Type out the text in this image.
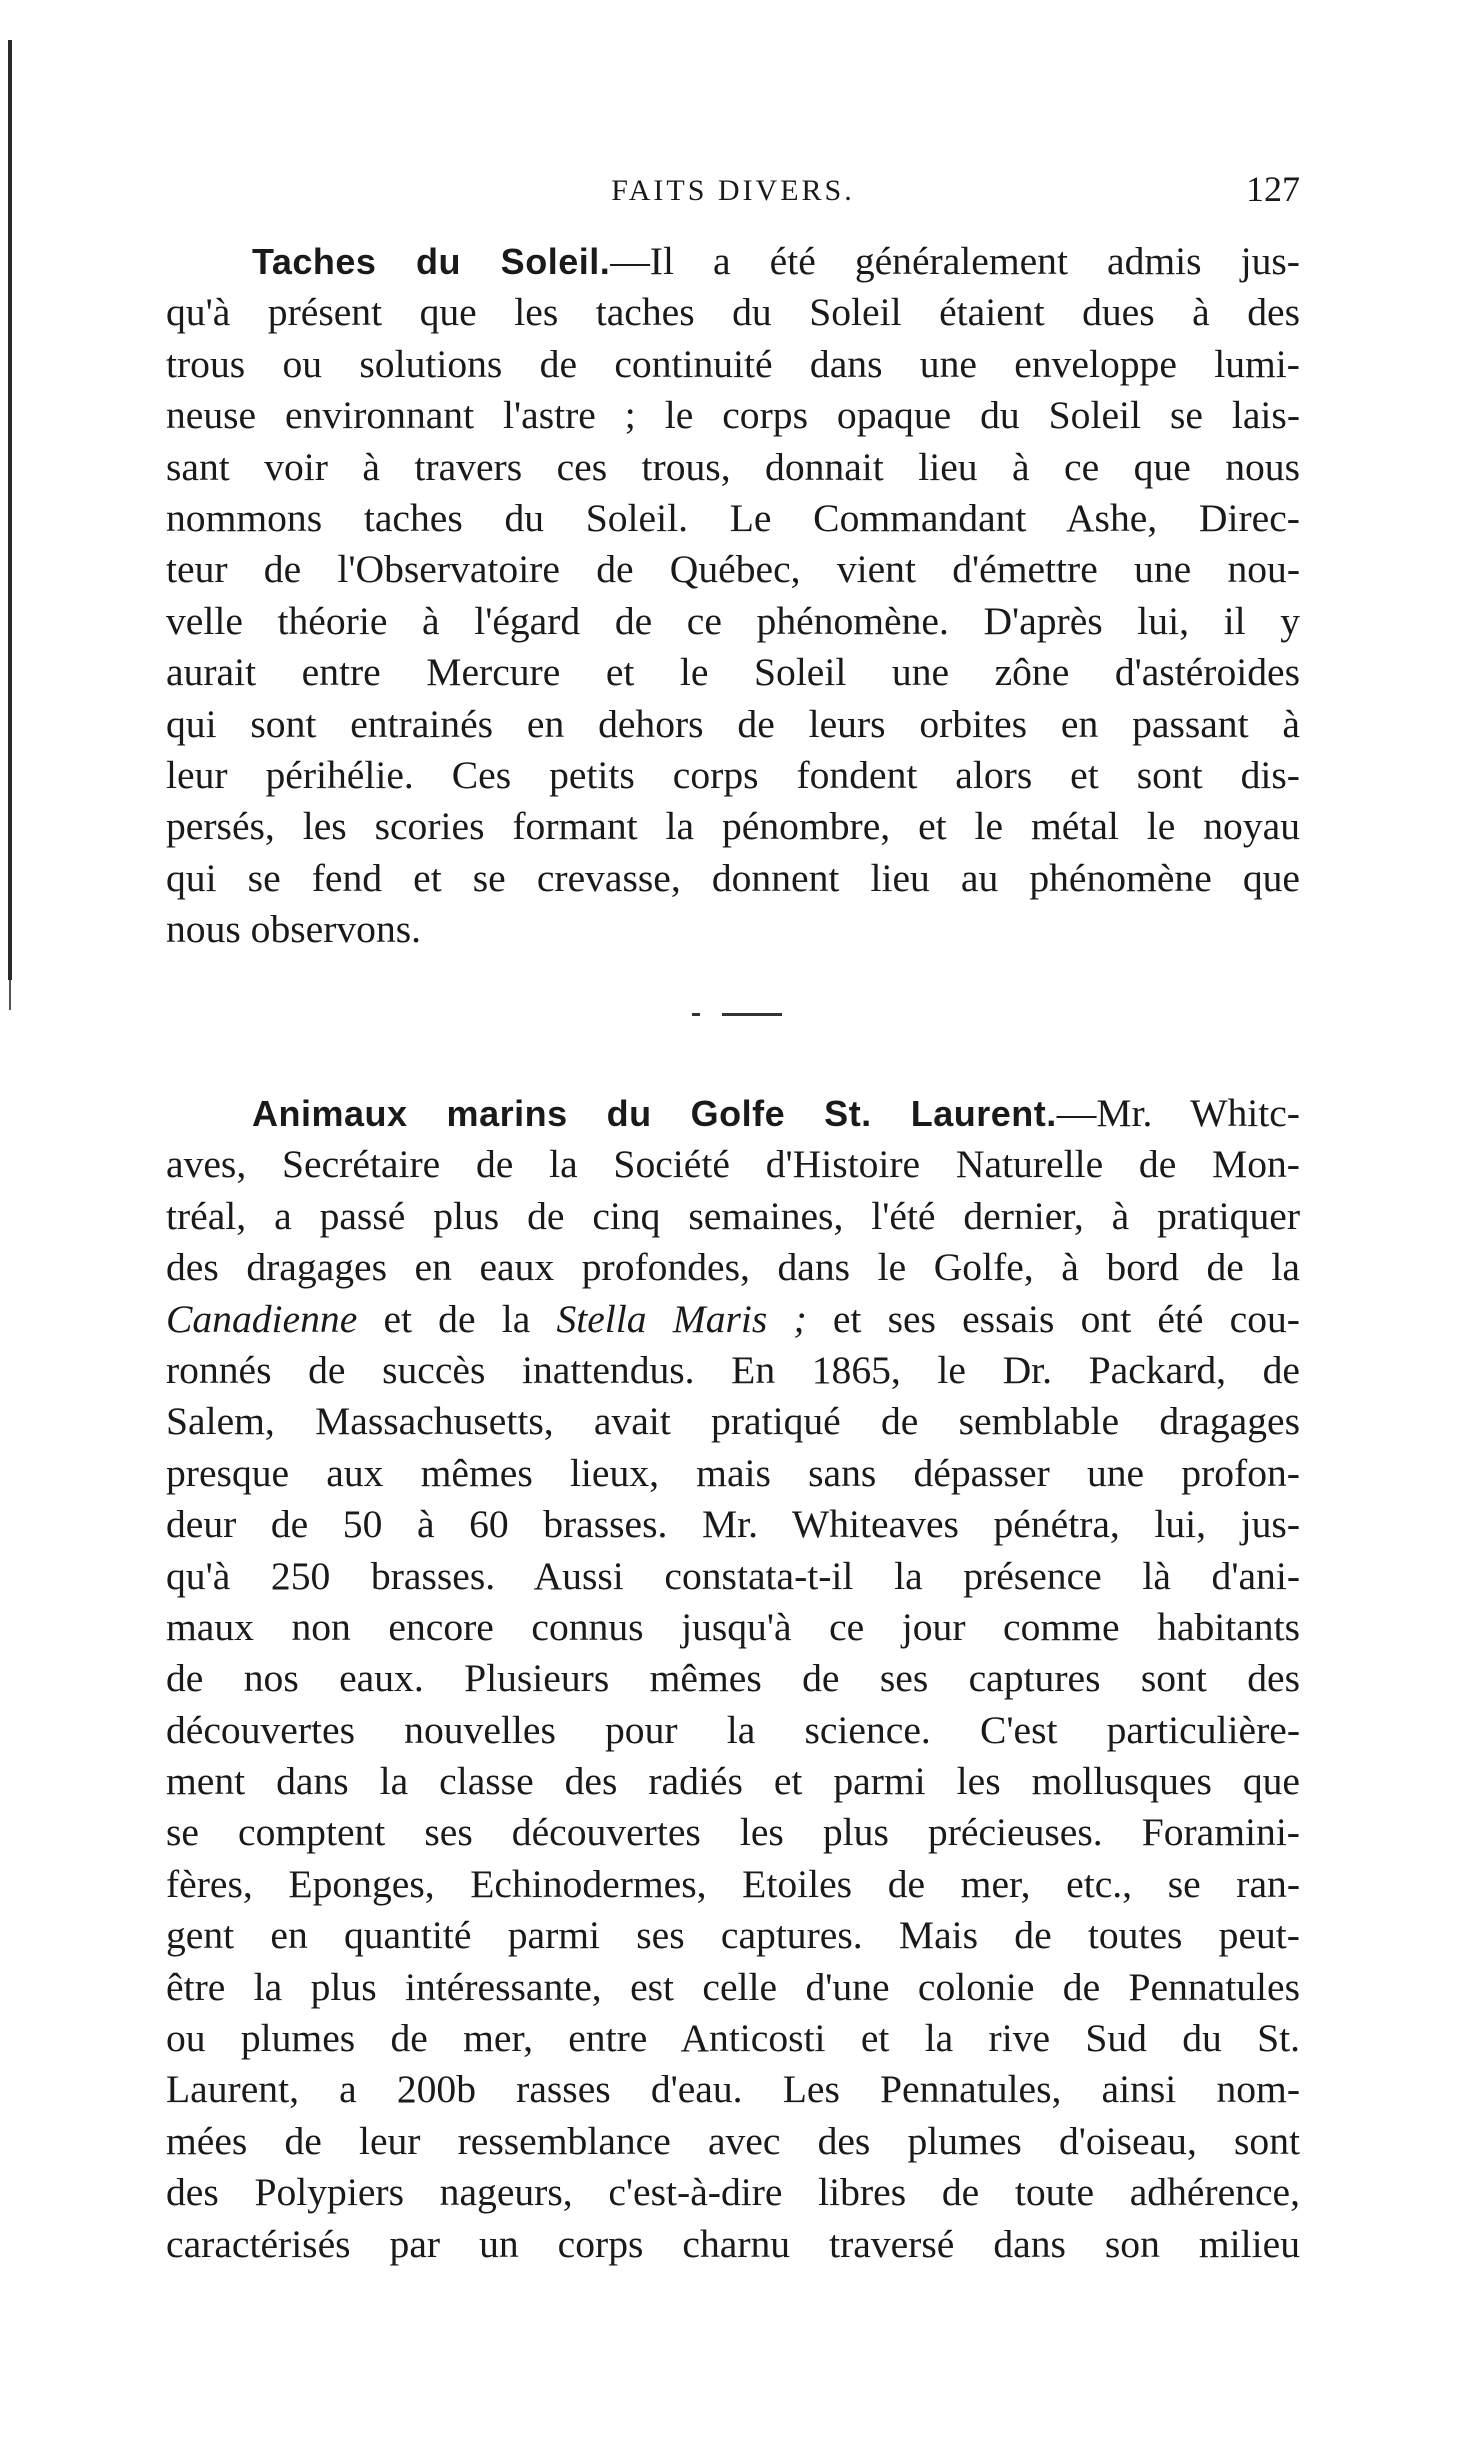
FAITS DIVERS.	127
Taches du Soleil.—Il a été généralement admis jus-
qu'à présent que les taches du Soleil étaient dues à des
trous ou solutions de continuité dans une enveloppe lumi-
neuse environnant l'astre ; le corps opaque du Soleil se lais-
sant voir à travers ces trous, donnait lieu à ce que nous
nommons taches du Soleil. Le Commandant Ashe, Direc-
teur de l'Observatoire de Québec, vient d'émettre une nou-
velle théorie à l'égard de ce phénomène. D'après lui, il y
aurait entre Mercure et le Soleil une zône d'astéroides
qui sont entrainés en dehors de leurs orbites en passant à
leur périhélie. Ces petits corps fondent alors et sont dis-
persés, les scories formant la pénombre, et le métal le noyau
qui se fend et se crevasse, donnent lieu au phénomène que
nous observons.
Animaux marins du Golfe St. Laurent.—Mr. Whitc-
aves, Secrétaire de la Société d'Histoire Naturelle de Mon-
tréal, a passé plus de cinq semaines, l'été dernier, à pratiquer
des dragages en eaux profondes, dans le Golfe, à bord de la
Canadienne et de la Stella Maris ; et ses essais ont été cou-
ronnés de succès inattendus. En 1865, le Dr. Packard, de
Salem, Massachusetts, avait pratiqué de semblable dragages
presque aux mêmes lieux, mais sans dépasser une profon-
deur de 50 à 60 brasses. Mr. Whiteaves pénétra, lui, jus-
qu'à 250 brasses. Aussi constata-t-il la présence là d'ani-
maux non encore connus jusqu'à ce jour comme habitants
de nos eaux. Plusieurs mêmes de ses captures sont des
découvertes nouvelles pour la science. C'est particulière-
ment dans la classe des radiés et parmi les mollusques que
se comptent ses découvertes les plus précieuses. Foramini-
fères, Eponges, Echinodermes, Etoiles de mer, etc., se ran-
gent en quantité parmi ses captures. Mais de toutes peut-
être la plus intéressante, est celle d'une colonie de Pennatules
ou plumes de mer, entre Anticosti et la rive Sud du St.
Laurent, a 200b rasses d'eau. Les Pennatules, ainsi nom-
mées de leur ressemblance avec des plumes d'oiseau, sont
des Polypiers nageurs, c'est-à-dire libres de toute adhérence,
caractérisés par un corps charnu traversé dans son milieu
